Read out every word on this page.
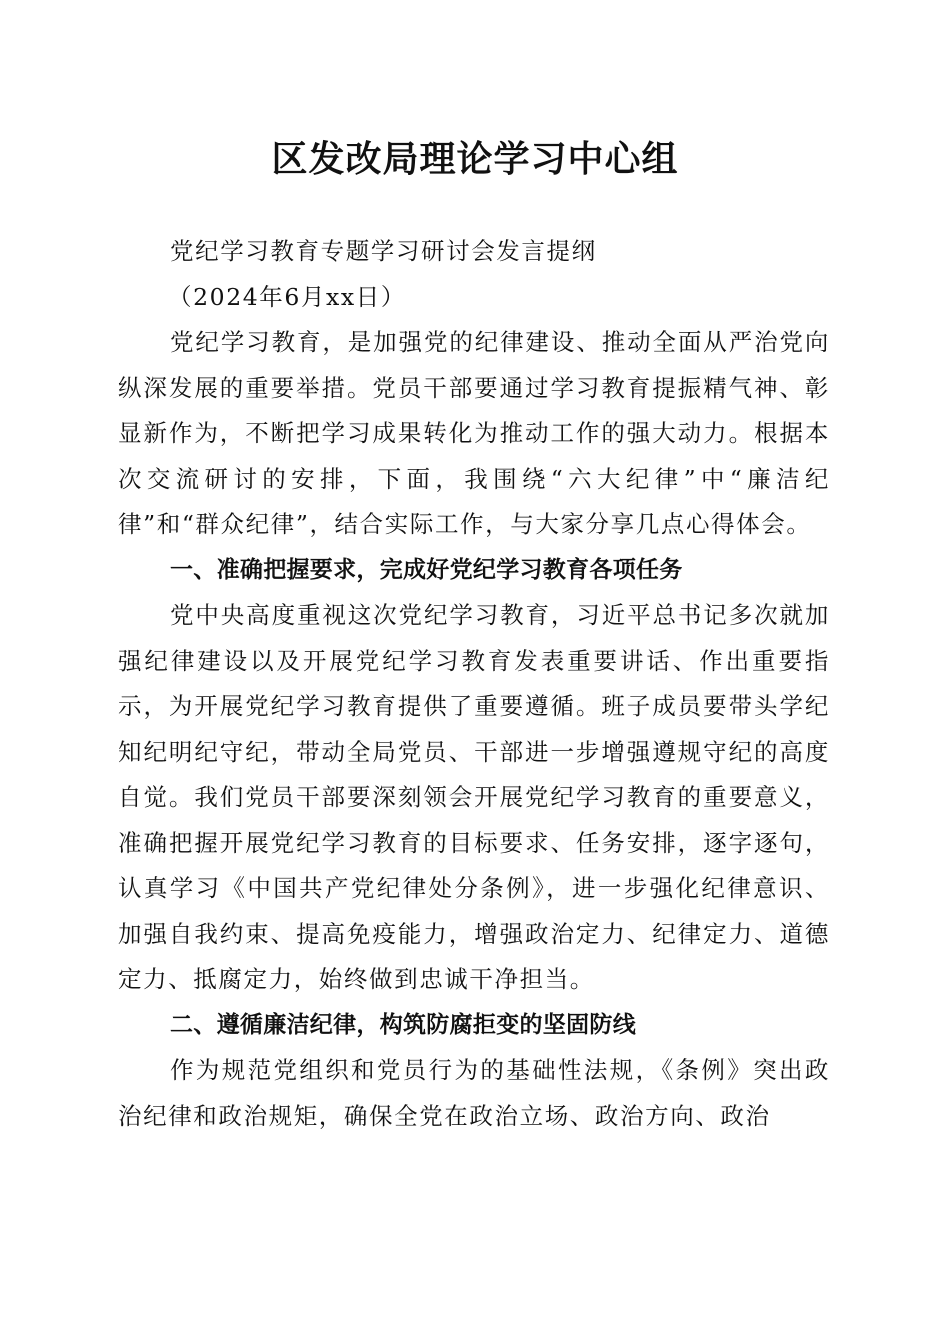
区发改局理论学习中心组
党纪学习教育专题学习研讨会发言提纲
（2024年6月xx日）

党纪学习教育，是加强党的纪律建设、推动全面从严治党向纵深发展的重要举措。党员干部要通过学习教育提振精气神、彰显新作为，不断把学习成果转化为推动工作的强大动力。根据本次交流研讨的安排，下面，我围绕“六大纪律”中“廉洁纪律”和“群众纪律”，结合实际工作，与大家分享几点心得体会。

一、准确把握要求，完成好党纪学习教育各项任务

党中央高度重视这次党纪学习教育，习近平总书记多次就加强纪律建设以及开展党纪学习教育发表重要讲话、作出重要指示，为开展党纪学习教育提供了重要遵循。班子成员要带头学纪知纪明纪守纪，带动全局党员、干部进一步增强遵规守纪的高度自觉。我们党员干部要深刻领会开展党纪学习教育的重要意义，准确把握开展党纪学习教育的目标要求、任务安排，逐字逐句，认真学习《中国共产党纪律处分条例》，进一步强化纪律意识、加强自我约束、提高免疫能力，增强政治定力、纪律定力、道德定力、抵腐定力，始终做到忠诚干净担当。

二、遵循廉洁纪律，构筑防腐拒变的坚固防线

作为规范党组织和党员行为的基础性法规，《条例》突出政治纪律和政治规矩，确保全党在政治立场、政治方向、政治
